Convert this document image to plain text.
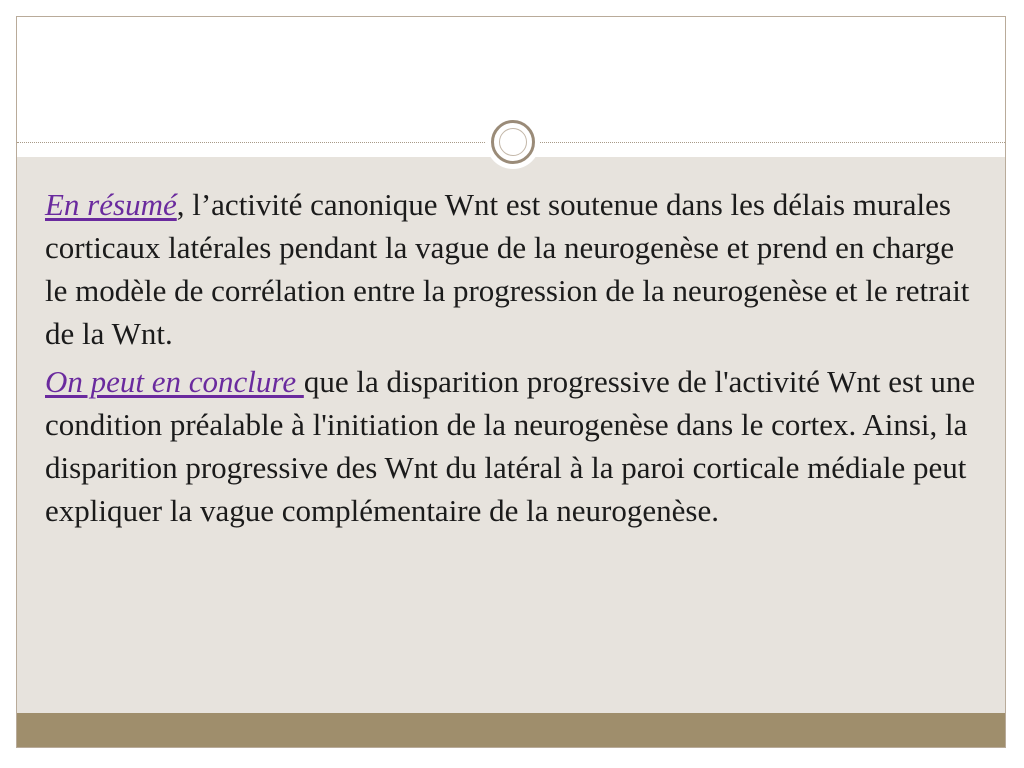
En résumé, l’activité canonique Wnt est soutenue dans les délais murales corticaux latérales pendant la vague de la neurogenèse et prend en charge le modèle de corrélation entre la progression de la neurogenèse et le retrait de la Wnt.

On peut en conclure que la disparition progressive de l'activité Wnt est une condition préalable à l'initiation de la neurogenèse dans le cortex. Ainsi, la disparition progressive des Wnt du latéral à la paroi corticale médiale peut expliquer la vague complémentaire de la neurogenèse.
